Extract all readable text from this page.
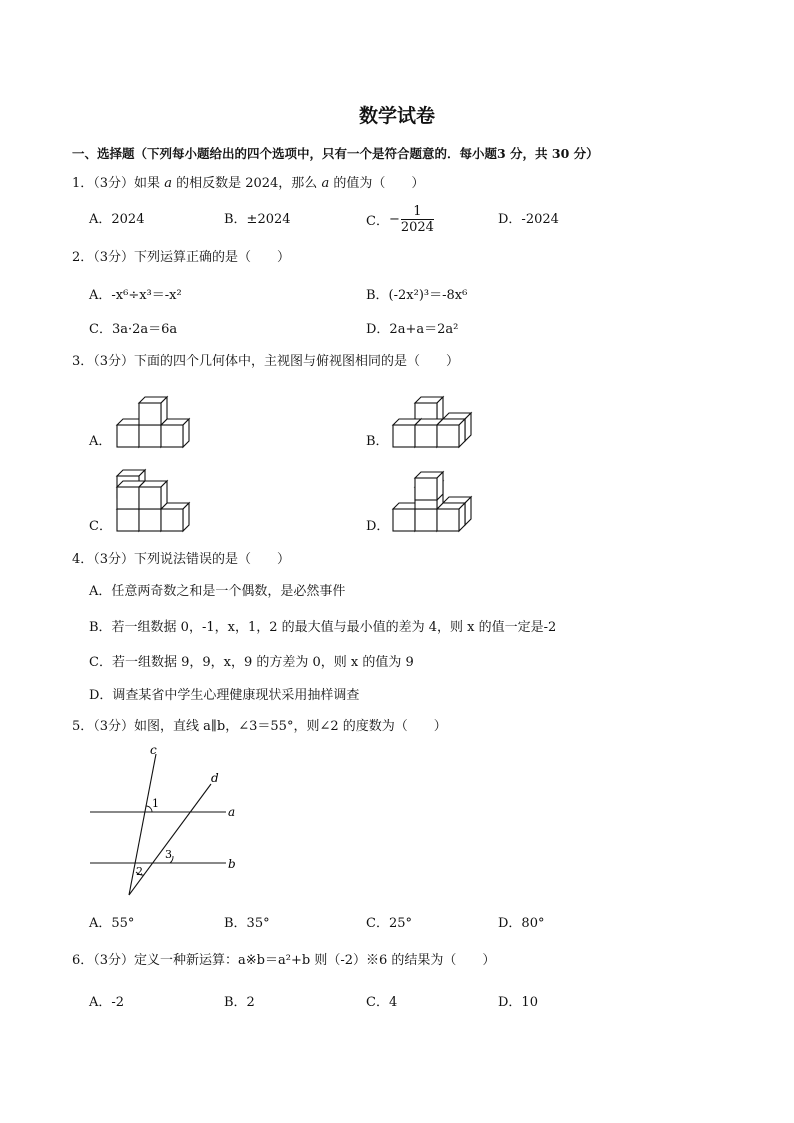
数学试卷
一、选择题（下列每小题给出的四个选项中，只有一个是符合题意的．每小题3 分，共 30 分）
1．（3分）如果 a 的相反数是 2024，那么 a 的值为（　　）
A．2024	B．±2024	C．− $\frac{1}{2024}$	D．-2024
2．（3分）下列运算正确的是（　　）
A．-x⁶÷x³＝-x²	B．(-2x²)³＝-8x⁶
C．3a·2a＝6a	D．2a+a＝2a²
3．（3分）下面的四个几何体中，主视图与俯视图相同的是（　　）
A．	B．
C．	D．
4．（3分）下列说法错误的是（　　）
A．任意两奇数之和是一个偶数，是必然事件
B．若一组数据 0，-1，x，1，2 的最大值与最小值的差为 4，则 x 的值一定是-2
C．若一组数据 9，9，x，9 的方差为 0，则 x 的值为 9
D．调查某省中学生心理健康现状采用抽样调查
5．（3分）如图，直线 a∥b，∠3＝55°，则∠2 的度数为（　　）
c
d
a
b
1
2
3
A．55°	B．35°	C．25°	D．80°
6．（3分）定义一种新运算：a※b＝a²+b 则（-2）※6 的结果为（　　）
A．-2	B．2	C．4	D．10
